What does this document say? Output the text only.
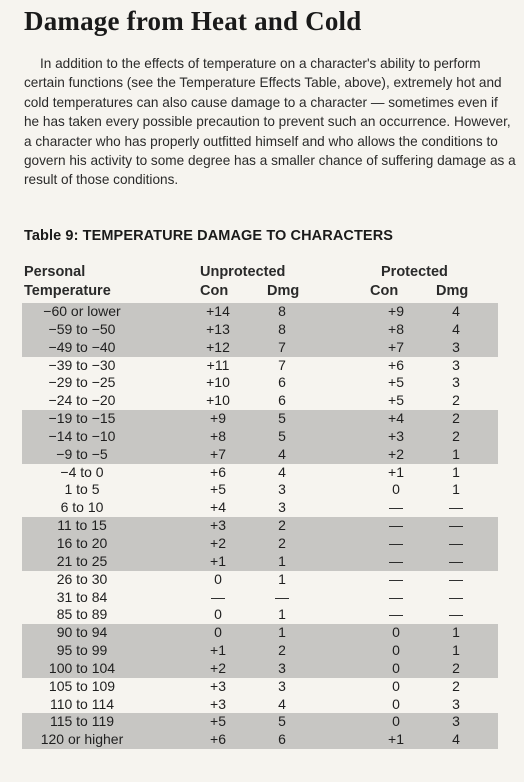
Damage from Heat and Cold

In addition to the effects of temperature on a character's ability to perform certain functions (see the Temperature Effects Table, above), extremely hot and cold temperatures can also cause damage to a character — sometimes even if he has taken every possible precaution to prevent such an occurrence. However, a character who has properly outfitted himself and who allows the conditions to govern his activity to some degree has a smaller chance of suffering damage as a result of those conditions.

Table 9: TEMPERATURE DAMAGE TO CHARACTERS
Personal
Temperature
Unprotected	Protected
Con	Dmg	Con	Dmg
−60 or lower	+14	8	+9	4
−59 to −50	+13	8	+8	4
−49 to −40	+12	7	+7	3
−39 to −30	+11	7	+6	3
−29 to −25	+10	6	+5	3
−24 to −20	+10	6	+5	2
−19 to −15	+9	5	+4	2
−14 to −10	+8	5	+3	2
−9 to −5	+7	4	+2	1
−4 to 0	+6	4	+1	1
1 to 5	+5	3	0	1
6 to 10	+4	3	—	—
11 to 15	+3	2	—	—
16 to 20	+2	2	—	—
21 to 25	+1	1	—	—
26 to 30	0	1	—	—
31 to 84	—	—	—	—
85 to 89	0	1	—	—
90 to 94	0	1	0	1
95 to 99	+1	2	0	1
100 to 104	+2	3	0	2
105 to 109	+3	3	0	2
110 to 114	+3	4	0	3
115 to 119	+5	5	0	3
120 or higher	+6	6	+1	4
